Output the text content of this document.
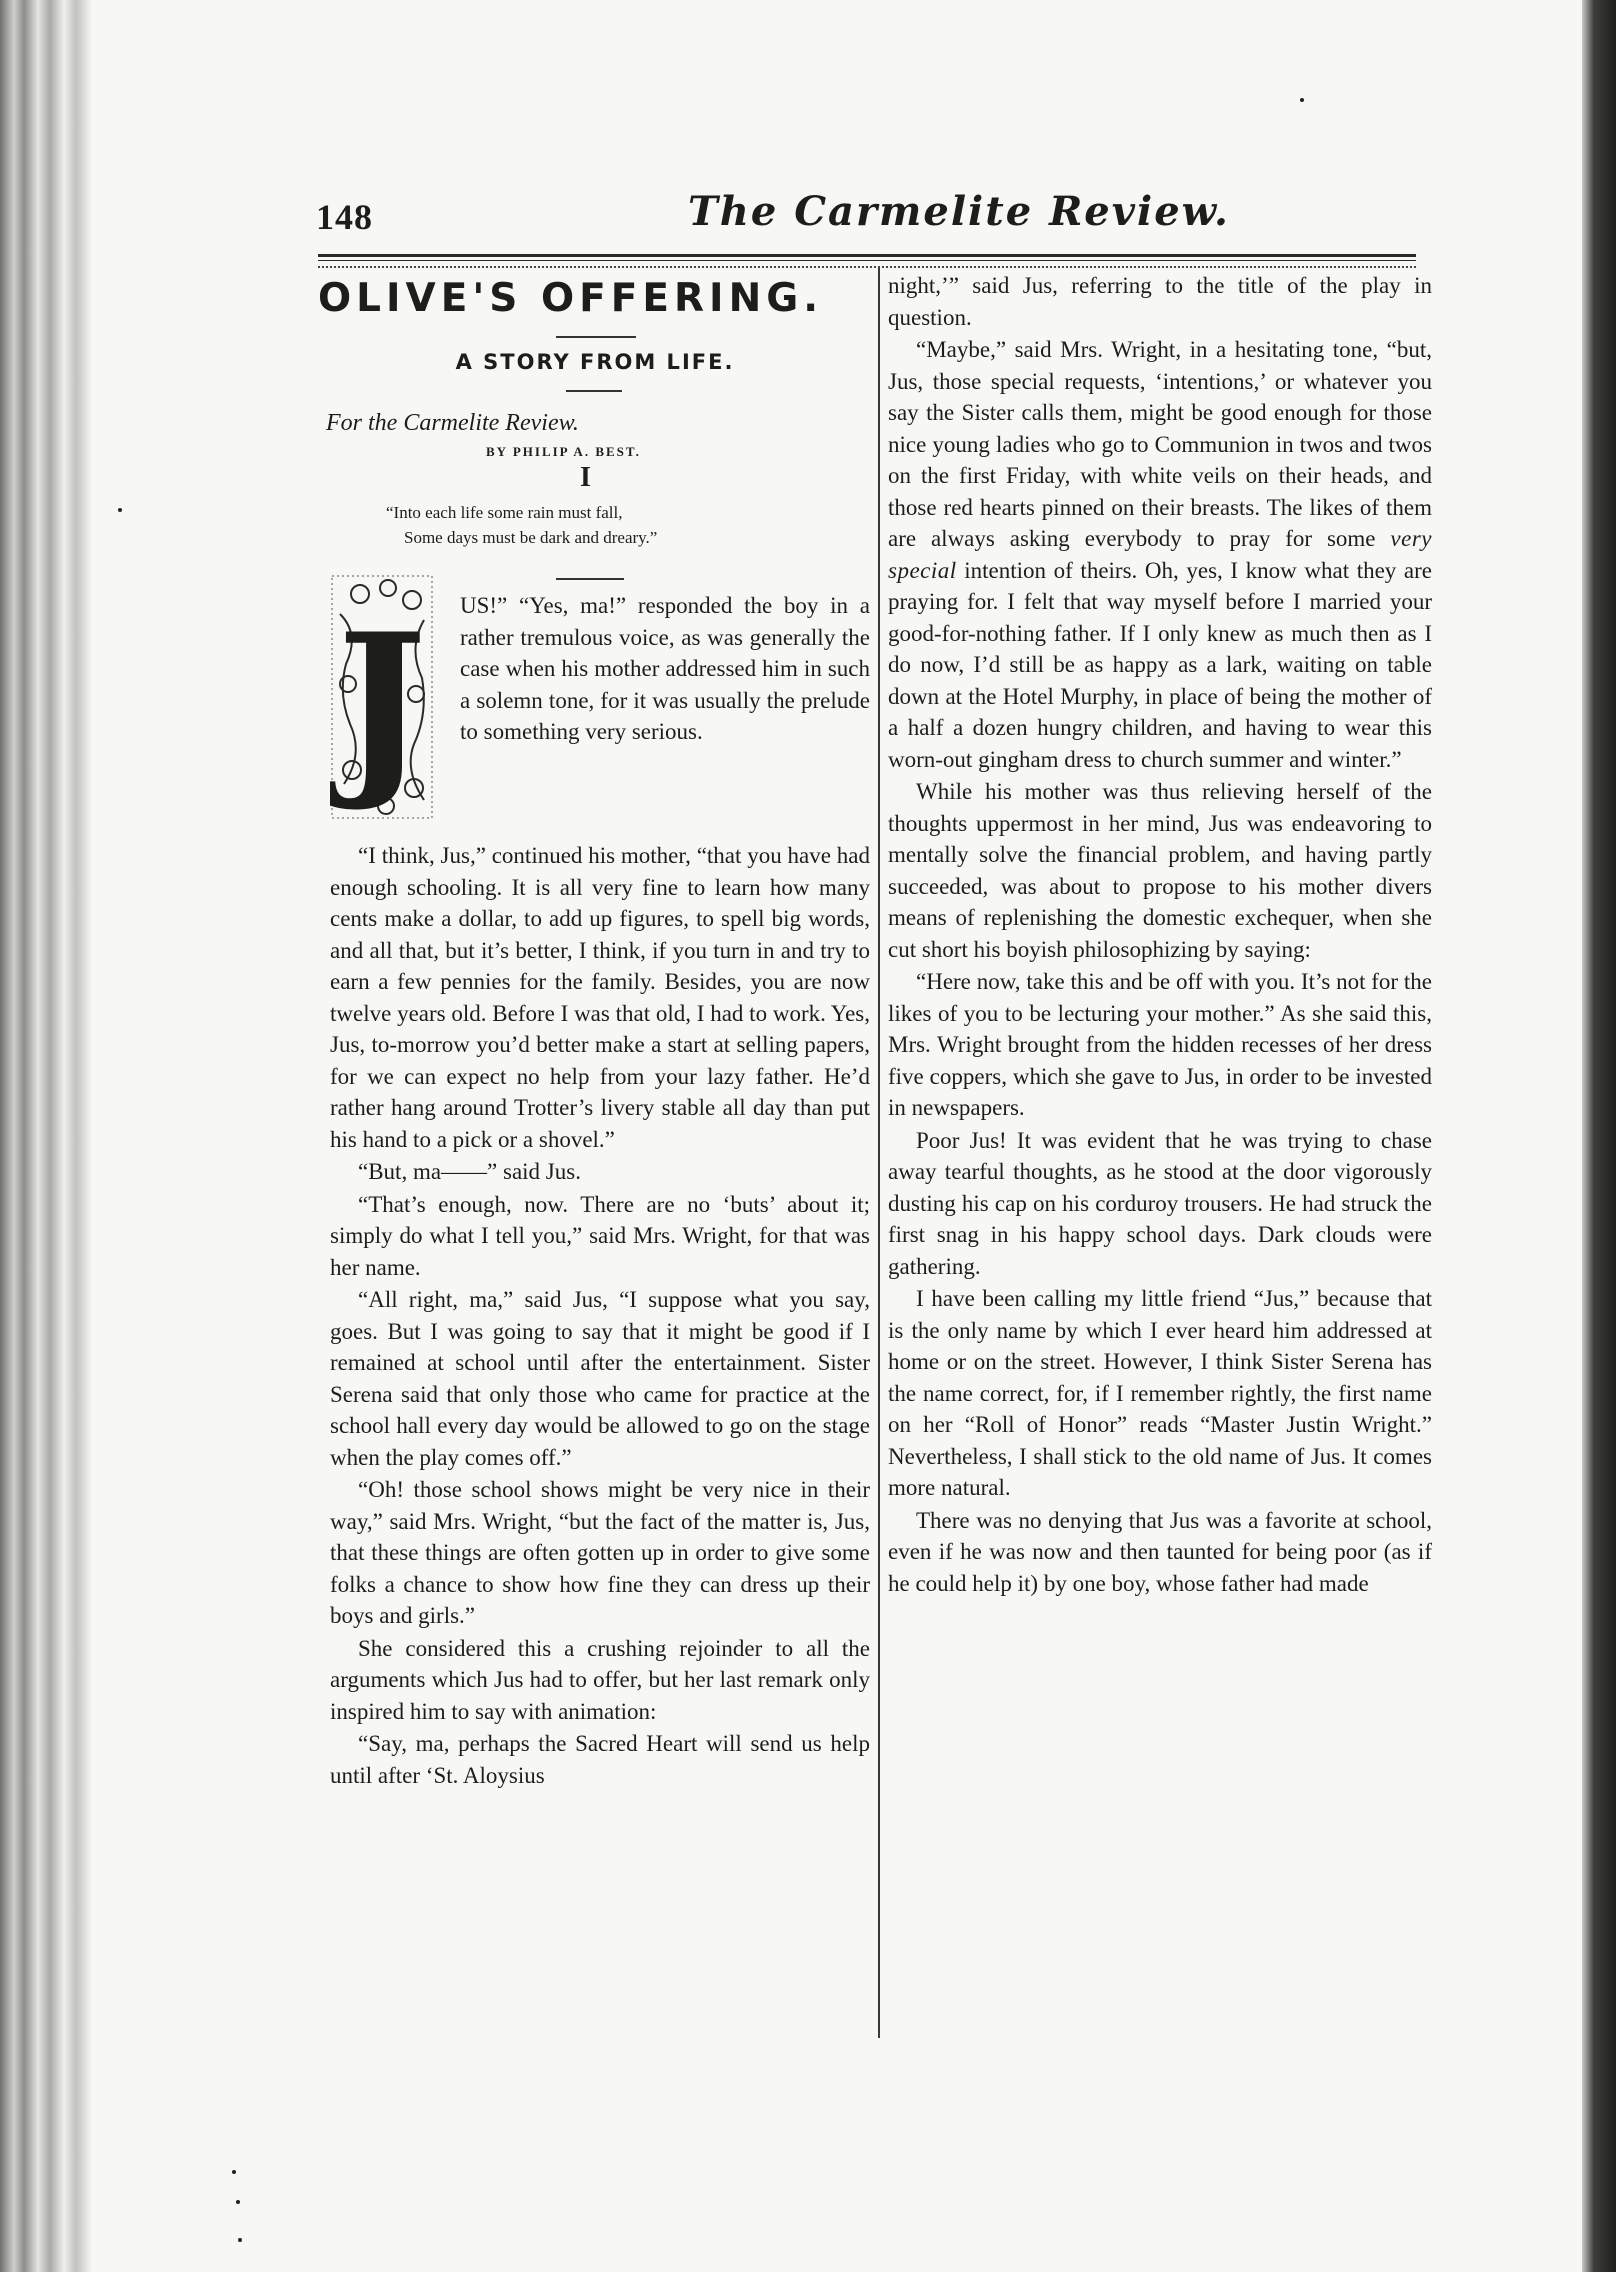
148	The Carmelite Review.
OLIVE'S OFFERING.
A STORY FROM LIFE.
For the Carmelite Review.
BY PHILIP A. BEST.
I
“Into each life some rain must fall,
Some days must be dark and dreary.”
J US!” “Yes, ma!” responded the boy in a rather tremulous voice, as was generally the case when his mother addressed him in such a solemn tone, for it was usually the prelude to something very serious.

“I think, Jus,” continued his mother, “that you have had enough schooling. It is all very fine to learn how many cents make a dollar, to add up figures, to spell big words, and all that, but it’s better, I think, if you turn in and try to earn a few pennies for the family. Besides, you are now twelve years old. Before I was that old, I had to work. Yes, Jus, to-morrow you’d better make a start at selling papers, for we can expect no help from your lazy father. He’d rather hang around Trotter’s livery stable all day than put his hand to a pick or a shovel.”

“But, ma——” said Jus.

“That’s enough, now. There are no ‘buts’ about it; simply do what I tell you,” said Mrs. Wright, for that was her name.

“All right, ma,” said Jus, “I suppose what you say, goes. But I was going to say that it might be good if I remained at school until after the entertainment. Sister Serena said that only those who came for practice at the school hall every day would be allowed to go on the stage when the play comes off.”

“Oh! those school shows might be very nice in their way,” said Mrs. Wright, “but the fact of the matter is, Jus, that these things are often gotten up in order to give some folks a chance to show how fine they can dress up their boys and girls.”

She considered this a crushing rejoinder to all the arguments which Jus had to offer, but her last remark only inspired him to say with animation:

“Say, ma, perhaps the Sacred Heart will send us help until after ‘St. Aloysius

night,’” said Jus, referring to the title of the play in question.

“Maybe,” said Mrs. Wright, in a hesitating tone, “but, Jus, those special requests, ‘intentions,’ or whatever you say the Sister calls them, might be good enough for those nice young ladies who go to Communion in twos and twos on the first Friday, with white veils on their heads, and those red hearts pinned on their breasts. The likes of them are always asking everybody to pray for some very special intention of theirs. Oh, yes, I know what they are praying for. I felt that way myself before I married your good-for-nothing father. If I only knew as much then as I do now, I’d still be as happy as a lark, waiting on table down at the Hotel Murphy, in place of being the mother of a half a dozen hungry children, and having to wear this worn-out gingham dress to church summer and winter.”

While his mother was thus relieving herself of the thoughts uppermost in her mind, Jus was endeavoring to mentally solve the financial problem, and having partly succeeded, was about to propose to his mother divers means of replenishing the domestic exchequer, when she cut short his boyish philosophizing by saying:

“Here now, take this and be off with you. It’s not for the likes of you to be lecturing your mother.” As she said this, Mrs. Wright brought from the hidden recesses of her dress five coppers, which she gave to Jus, in order to be invested in newspapers.

Poor Jus! It was evident that he was trying to chase away tearful thoughts, as he stood at the door vigorously dusting his cap on his corduroy trousers. He had struck the first snag in his happy school days. Dark clouds were gathering.

I have been calling my little friend “Jus,” because that is the only name by which I ever heard him addressed at home or on the street. However, I think Sister Serena has the name correct, for, if I remember rightly, the first name on her “Roll of Honor” reads “Master Justin Wright.” Nevertheless, I shall stick to the old name of Jus. It comes more natural.

There was no denying that Jus was a favorite at school, even if he was now and then taunted for being poor (as if he could help it) by one boy, whose father had made
